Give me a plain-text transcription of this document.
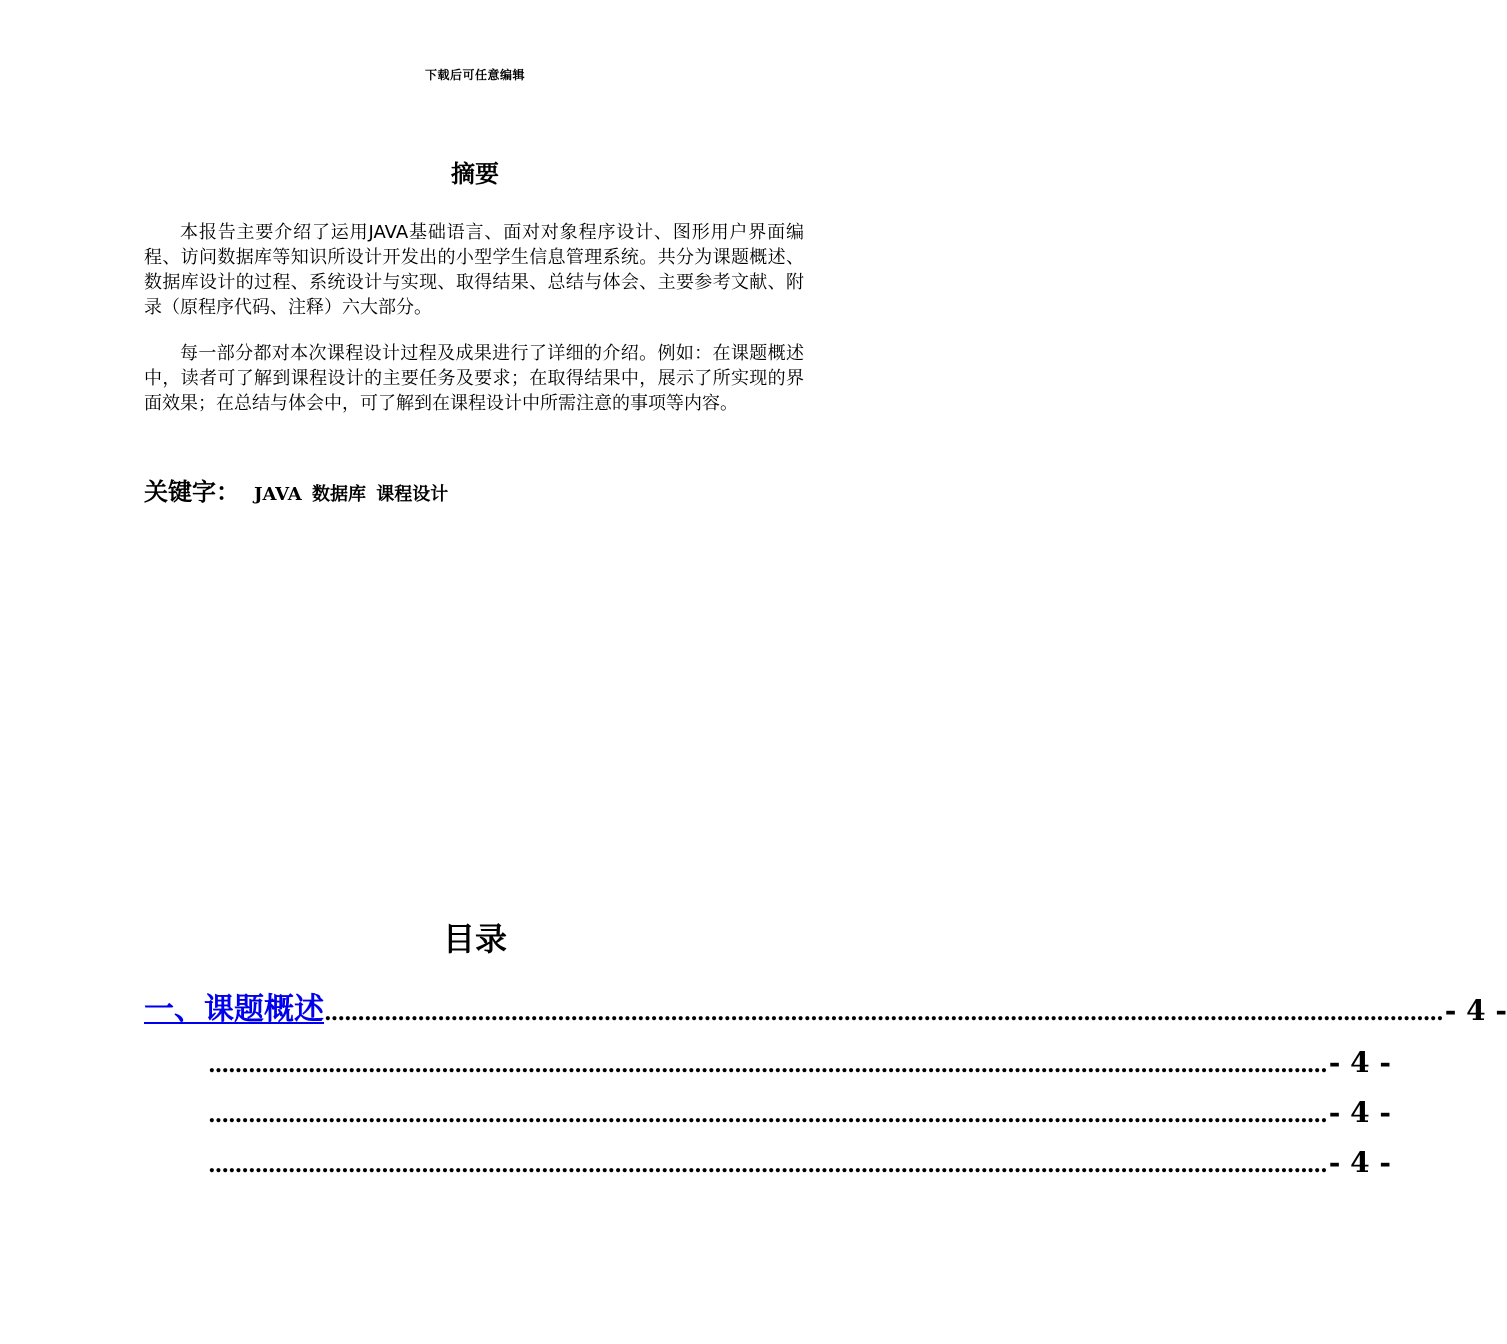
下载后可任意编辑
摘要

本报告主要介绍了运用JAVA基础语言、面对对象程序设计、图形用户界面编程、访问数据库等知识所设计开发出的小型学生信息管理系统。共分为课题概述、数据库设计的过程、系统设计与实现、取得结果、总结与体会、主要参考文献、附录（原程序代码、注释）六大部分。

每一部分都对本次课程设计过程及成果进行了详细的介绍。例如：在课题概述中，读者可了解到课程设计的主要任务及要求；在取得结果中，展示了所实现的界面效果；在总结与体会中，可了解到在课程设计中所需注意的事项等内容。

关键字： JAVA 数据库 课程设计
目录
一、课题概述 ........................................................................................................................................................................ - 4 -
........................................................................................................................................................................ - 4 -
........................................................................................................................................................................ - 4 -
........................................................................................................................................................................ - 4 -
